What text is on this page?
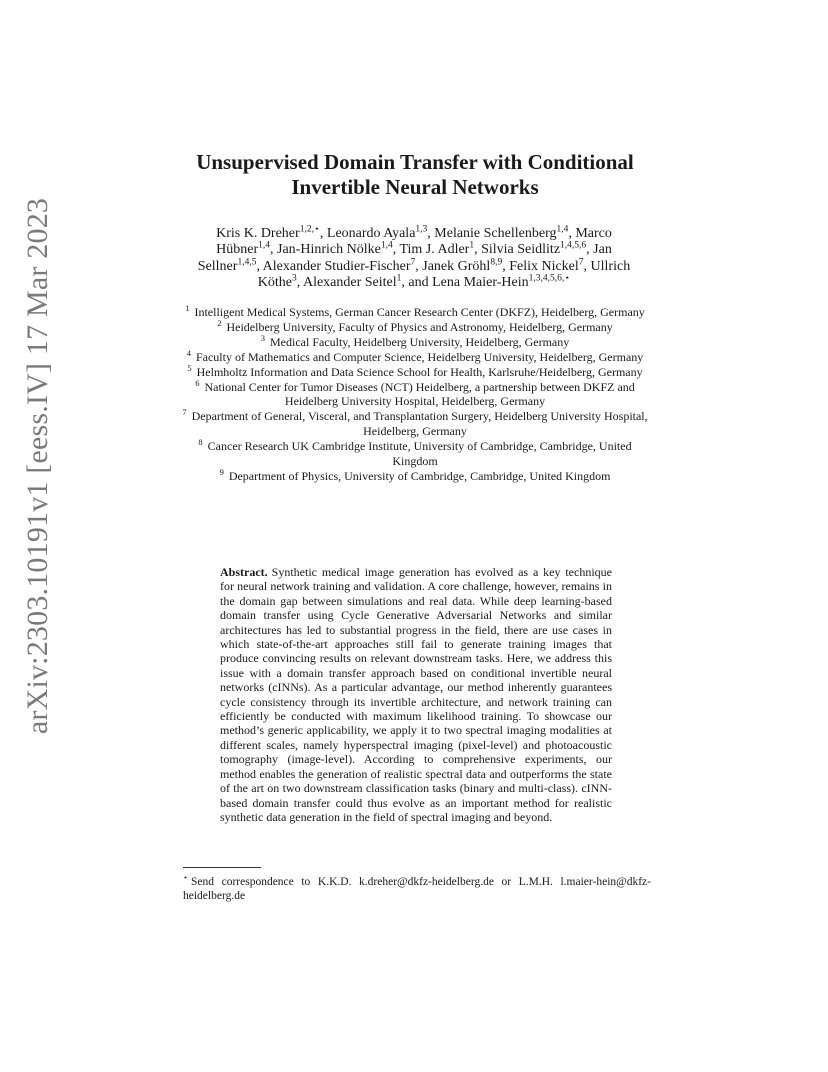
arXiv:2303.10191v1 [eess.IV] 17 Mar 2023
Unsupervised Domain Transfer with Conditional
Invertible Neural Networks
Kris K. Dreher$^{1,2,⋆}$, Leonardo Ayala$^{1,3}$, Melanie Schellenberg$^{1,4}$, Marco Hübner$^{1,4}$, Jan-Hinrich Nölke$^{1,4}$, Tim J. Adler$^1$, Silvia Seidlitz$^{1,4,5,6}$, Jan Sellner$^{1,4,5}$, Alexander Studier-Fischer$^7$, Janek Gröhl$^{8,9}$, Felix Nickel$^7$, Ullrich Köthe$^3$, Alexander Seitel$^1$, and Lena Maier-Hein$^{1,3,4,5,6,⋆}$

$^1$ Intelligent Medical Systems, German Cancer Research Center (DKFZ), Heidelberg, Germany

$^2$ Heidelberg University, Faculty of Physics and Astronomy, Heidelberg, Germany

$^3$ Medical Faculty, Heidelberg University, Heidelberg, Germany

$^4$ Faculty of Mathematics and Computer Science, Heidelberg University, Heidelberg, Germany

$^5$ Helmholtz Information and Data Science School for Health, Karlsruhe/Heidelberg, Germany

$^6$ National Center for Tumor Diseases (NCT) Heidelberg, a partnership between DKFZ and Heidelberg University Hospital, Heidelberg, Germany

$^7$ Department of General, Visceral, and Transplantation Surgery, Heidelberg University Hospital, Heidelberg, Germany

$^8$ Cancer Research UK Cambridge Institute, University of Cambridge, Cambridge, United Kingdom

$^9$ Department of Physics, University of Cambridge, Cambridge, United Kingdom

Abstract. Synthetic medical image generation has evolved as a key technique for neural network training and validation. A core challenge, however, remains in the domain gap between simulations and real data. While deep learning-based domain transfer using Cycle Generative Adversarial Networks and similar architectures has led to substantial progress in the field, there are use cases in which state-of-the-art approaches still fail to generate training images that produce convincing results on relevant downstream tasks. Here, we address this issue with a domain transfer approach based on conditional invertible neural networks (cINNs). As a particular advantage, our method inherently guarantees cycle consistency through its invertible architecture, and network training can efficiently be conducted with maximum likelihood training. To showcase our method’s generic applicability, we apply it to two spectral imaging modalities at different scales, namely hyperspectral imaging (pixel-level) and photoacoustic tomography (image-level). According to comprehensive experiments, our method enables the generation of realistic spectral data and outperforms the state of the art on two downstream classification tasks (binary and multi-class). cINN-based domain transfer could thus evolve as an important method for realistic synthetic data generation in the field of spectral imaging and beyond.
⋆ Send correspondence to K.K.D. k.dreher@dkfz-heidelberg.de or L.M.H. l.maier-hein@dkfz-heidelberg.de
